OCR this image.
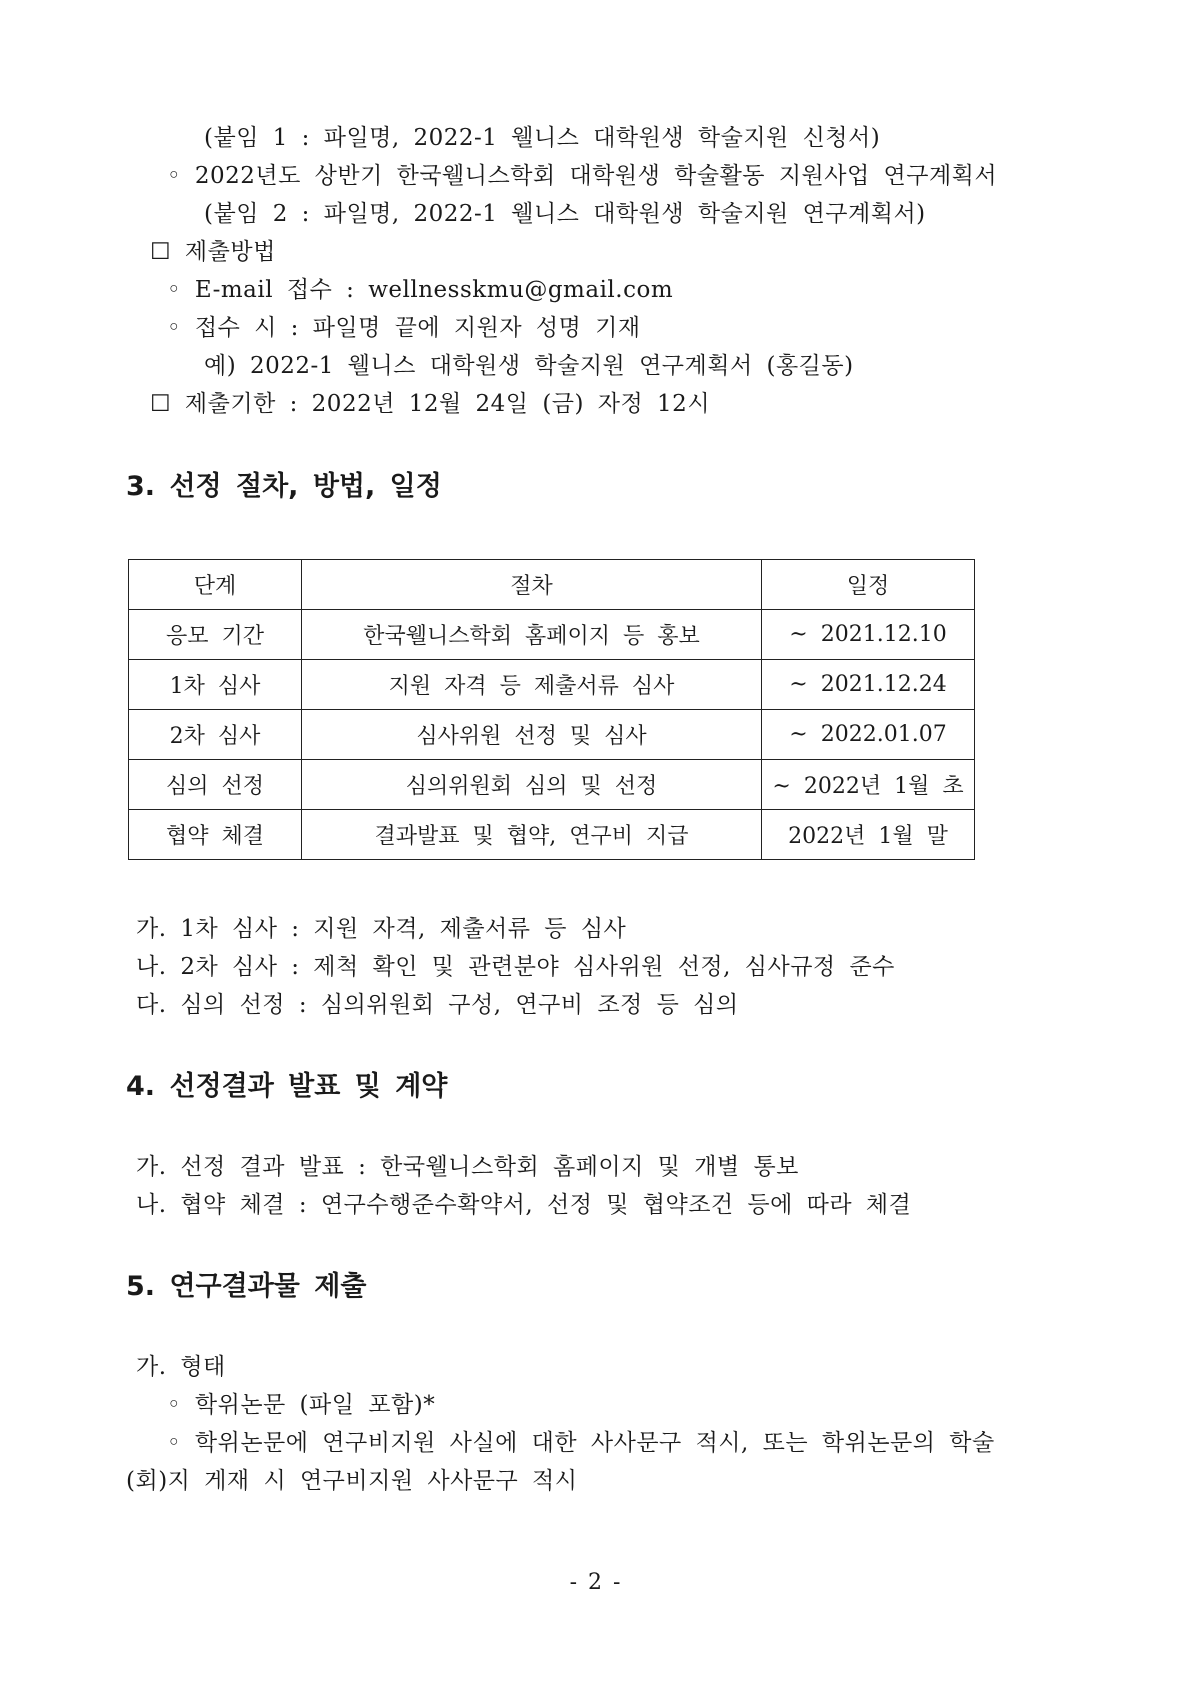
(붙임 1 : 파일명, 2022-1 웰니스 대학원생 학술지원 신청서)
◦ 2022년도 상반기 한국웰니스학회 대학원생 학술활동 지원사업 연구계획서
(붙임 2 : 파일명, 2022-1 웰니스 대학원생 학술지원 연구계획서)
☐ 제출방법
◦ E-mail 접수 : wellnesskmu@gmail.com
◦ 접수 시 : 파일명 끝에 지원자 성명 기재
예) 2022-1 웰니스 대학원생 학술지원 연구계획서 (홍길동)
☐ 제출기한 : 2022년 12월 24일 (금) 자정 12시
3. 선정 절차, 방법, 일정
단계	절차	일정
응모 기간	한국웰니스학회 홈페이지 등 홍보	~ 2021.12.10
1차 심사	지원 자격 등 제출서류 심사	~ 2021.12.24
2차 심사	심사위원 선정 및 심사	~ 2022.01.07
심의 선정	심의위원회 심의 및 선정	~ 2022년 1월 초
협약 체결	결과발표 및 협약, 연구비 지급	2022년 1월 말
가. 1차 심사 : 지원 자격, 제출서류 등 심사
나. 2차 심사 : 제척 확인 및 관련분야 심사위원 선정, 심사규정 준수
다. 심의 선정 : 심의위원회 구성, 연구비 조정 등 심의
4. 선정결과 발표 및 계약
가. 선정 결과 발표 : 한국웰니스학회 홈페이지 및 개별 통보
나. 협약 체결 : 연구수행준수확약서, 선정 및 협약조건 등에 따라 체결
5. 연구결과물 제출
가. 형태
◦ 학위논문 (파일 포함)*
◦ 학위논문에 연구비지원 사실에 대한 사사문구 적시, 또는 학위논문의 학술
(회)지 게재 시 연구비지원 사사문구 적시
- 2 -
